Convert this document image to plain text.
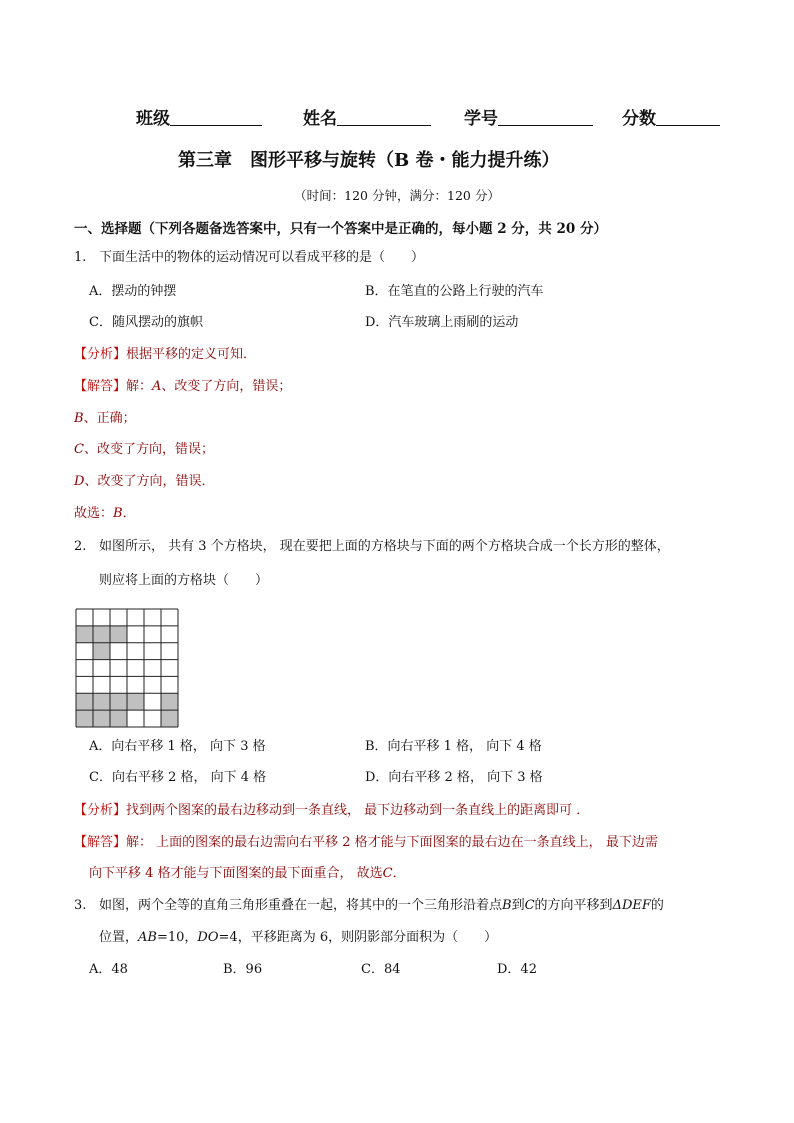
班级	姓名	学号	分数
第三章　图形平移与旋转（B 卷・能力提升练）
（时间：120 分钟，满分：120 分）
一、选择题（下列各题备选答案中，只有一个答案中是正确的，每小题 2 分，共 20 分）
1. 下面生活中的物体的运动情况可以看成平移的是（　　）
A．摆动的钟摆	B．在笔直的公路上行驶的汽车
C．随风摆动的旗帜	D．汽车玻璃上雨刷的运动
【分析】根据平移的定义可知．
【解答】解：A、改变了方向，错误；
B、正确；
C、改变了方向，错误；
D、改变了方向，错误．
故选：B．
2. 如图所示， 共有 3 个方格块， 现在要把上面的方格块与下面的两个方格块合成一个长方形的整体，
则应将上面的方格块（　　）
A．向右平移 1 格， 向下 3 格	B．向右平移 1 格， 向下 4 格
C．向右平移 2 格， 向下 4 格	D．向右平移 2 格， 向下 3 格
【分析】找到两个图案的最右边移动到一条直线， 最下边移动到一条直线上的距离即可 ．
【解答】解： 上面的图案的最右边需向右平移 2 格才能与下面图案的最右边在一条直线上， 最下边需
向下平移 4 格才能与下面图案的最下面重合， 故选C．
3. 如图，两个全等的直角三角形重叠在一起，将其中的一个三角形沿着点B到C的方向平移到ΔDEF的
位置，AB=10，DO=4，平移距离为 6，则阴影部分面积为（　　）
A．48	B．96	C．84	D．42
